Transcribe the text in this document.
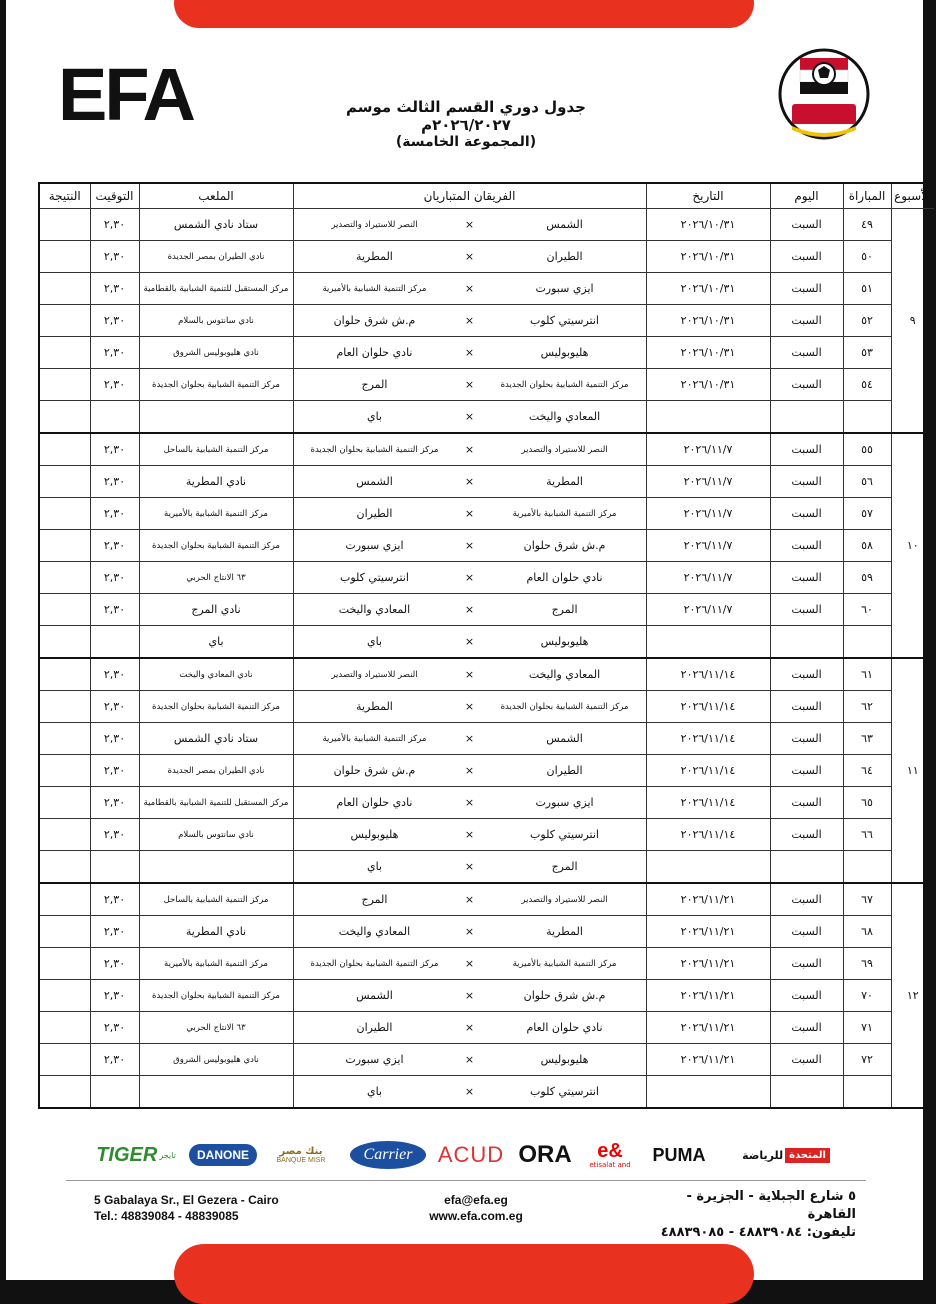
EFA	جدول دوري القسم الثالث موسم ٢٠٢٦/٢٠٢٧م
(المجموعة الخامسة)
الأسبوع	المباراة	اليوم	التاريخ	الفريقان المتباريان	الملعب	التوقيت	النتيجة
٩	٤٩	السبت	٢٠٢٦/١٠/٣١	الشمس×النصر للاستيراد والتصدير	ستاد نادي الشمس	٢,٣٠	
	٥٠	السبت	٢٠٢٦/١٠/٣١	الطيران×المطرية	نادي الطيران بمصر الجديدة	٢,٣٠	
	٥١	السبت	٢٠٢٦/١٠/٣١	ايزي سبورت×مركز التنمية الشبابية بالأميرية	مركز المستقبل للتنمية الشبابية بالقطامية	٢,٣٠	
	٥٢	السبت	٢٠٢٦/١٠/٣١	انترسيتي كلوب×م.ش شرق حلوان	نادي سانتوس بالسلام	٢,٣٠	
	٥٣	السبت	٢٠٢٦/١٠/٣١	هليوبوليس×نادي حلوان العام	نادي هليوبوليس الشروق	٢,٣٠	
	٥٤	السبت	٢٠٢٦/١٠/٣١	مركز التنمية الشبابية بحلوان الجديدة×المرج	مركز التنمية الشبابية بحلوان الجديدة	٢,٣٠	
				المعادي واليخت×باي			
١٠	٥٥	السبت	٢٠٢٦/١١/٧	النصر للاستيراد والتصدير×مركز التنمية الشبابية بحلوان الجديدة	مركز التنمية الشبابية بالساحل	٢,٣٠	
	٥٦	السبت	٢٠٢٦/١١/٧	المطرية×الشمس	نادي المطرية	٢,٣٠	
	٥٧	السبت	٢٠٢٦/١١/٧	مركز التنمية الشبابية بالأميرية×الطيران	مركز التنمية الشبابية بالأميرية	٢,٣٠	
	٥٨	السبت	٢٠٢٦/١١/٧	م.ش شرق حلوان×ايزي سبورت	مركز التنمية الشبابية بحلوان الجديدة	٢,٣٠	
	٥٩	السبت	٢٠٢٦/١١/٧	نادي حلوان العام×انترسيتي كلوب	٦٣ الانتاج الحربي	٢,٣٠	
	٦٠	السبت	٢٠٢٦/١١/٧	المرج×المعادي واليخت	نادي المرج	٢,٣٠	
				هليوبوليس×باي	باي		
١١	٦١	السبت	٢٠٢٦/١١/١٤	المعادي واليخت×النصر للاستيراد والتصدير	نادي المعادي واليخت	٢,٣٠	
	٦٢	السبت	٢٠٢٦/١١/١٤	مركز التنمية الشبابية بحلوان الجديدة×المطرية	مركز التنمية الشبابية بحلوان الجديدة	٢,٣٠	
	٦٣	السبت	٢٠٢٦/١١/١٤	الشمس×مركز التنمية الشبابية بالأميرية	ستاد نادي الشمس	٢,٣٠	
	٦٤	السبت	٢٠٢٦/١١/١٤	الطيران×م.ش شرق حلوان	نادي الطيران بمصر الجديدة	٢,٣٠	
	٦٥	السبت	٢٠٢٦/١١/١٤	ايزي سبورت×نادي حلوان العام	مركز المستقبل للتنمية الشبابية بالقطامية	٢,٣٠	
	٦٦	السبت	٢٠٢٦/١١/١٤	انترسيتي كلوب×هليوبوليس	نادي سانتوس بالسلام	٢,٣٠	
				المرج×باي			
١٢	٦٧	السبت	٢٠٢٦/١١/٢١	النصر للاستيراد والتصدير×المرج	مركز التنمية الشبابية بالساحل	٢,٣٠	
	٦٨	السبت	٢٠٢٦/١١/٢١	المطرية×المعادي واليخت	نادي المطرية	٢,٣٠	
	٦٩	السبت	٢٠٢٦/١١/٢١	مركز التنمية الشبابية بالأميرية×مركز التنمية الشبابية بحلوان الجديدة	مركز التنمية الشبابية بالأميرية	٢,٣٠	
	٧٠	السبت	٢٠٢٦/١١/٢١	م.ش شرق حلوان×الشمس	مركز التنمية الشبابية بحلوان الجديدة	٢,٣٠	
	٧١	السبت	٢٠٢٦/١١/٢١	نادي حلوان العام×الطيران	٦٣ الانتاج الحربي	٢,٣٠	
	٧٢	السبت	٢٠٢٦/١١/٢١	هليوبوليس×ايزي سبورت	نادي هليوبوليس الشروق	٢,٣٠	
				انترسيتي كلوب×باي			
TIGER تايجر	DANONE	بنك مصر
BANQUE MISR	Carrier	ACUD ORA e&
etisalat and
PUMA	المتحدة
للرياضة
5 Gabalaya Sr., El Gezera - Cairo
Tel.: 48839084 - 48839085
efa@efa.eg
www.efa.com.eg
٥ شارع الجبلاية - الجزيرة - القاهرة
تليفون: ٤٨٨٣٩٠٨٤ - ٤٨٨٣٩٠٨٥
